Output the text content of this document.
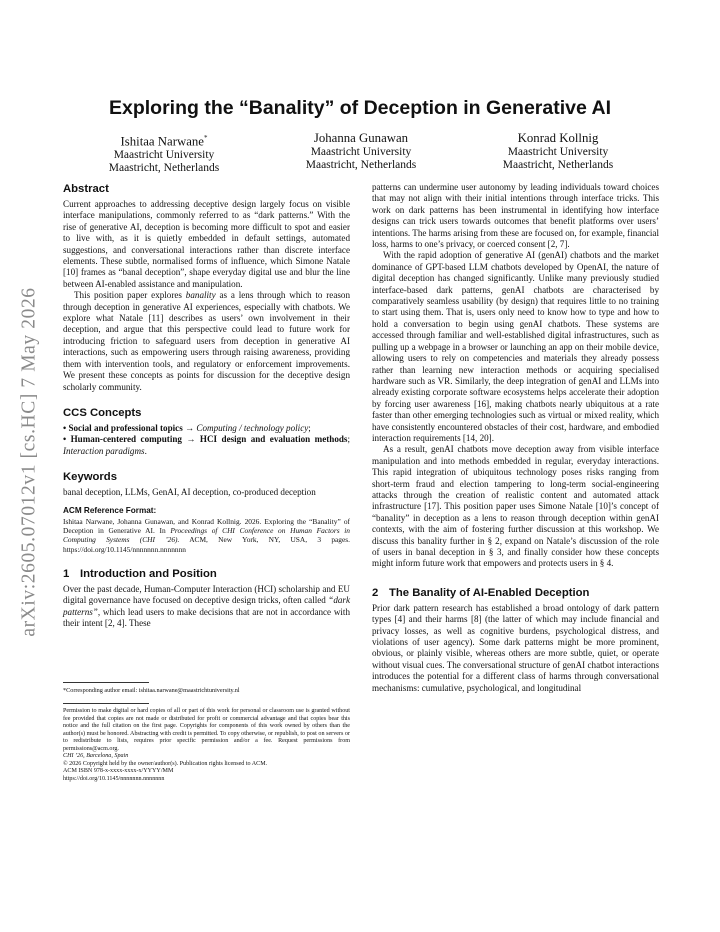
arXiv:2605.07012v1 [cs.HC] 7 May 2026
Exploring the “Banality” of Deception in Generative AI
Ishitaa Narwane*
Maastricht University
Maastricht, Netherlands
Johanna Gunawan
Maastricht University
Maastricht, Netherlands
Konrad Kollnig
Maastricht University
Maastricht, Netherlands
Abstract

Current approaches to addressing deceptive design largely focus on visible interface manipulations, commonly referred to as “dark patterns.” With the rise of generative AI, deception is becoming more difficult to spot and easier to live with, as it is quietly embedded in default settings, automated suggestions, and conversational interactions rather than discrete interface elements. These subtle, normalised forms of influence, which Simone Natale [10] frames as “banal deception”, shape everyday digital use and blur the line between AI-enabled assistance and manipulation.

This position paper explores banality as a lens through which to reason through deception in generative AI experiences, especially with chatbots. We explore what Natale [11] describes as users’ own involvement in their deception, and argue that this perspective could lead to future work for introducing friction to safeguard users from deception in generative AI interactions, such as empowering users through raising awareness, providing them with intervention tools, and regulatory or enforcement improvements. We present these concepts as points for discussion for the deceptive design scholarly community.

CCS Concepts

• Social and professional topics → Computing / technology policy;

• Human-centered computing → HCI design and evaluation methods; Interaction paradigms.

Keywords

banal deception, LLMs, GenAI, AI deception, co-produced deception

ACM Reference Format:

Ishitaa Narwane, Johanna Gunawan, and Konrad Kollnig. 2026. Exploring the “Banality” of Deception in Generative AI. In Proceedings of CHI Conference on Human Factors in Computing Systems (CHI ’26). ACM, New York, NY, USA, 3 pages. https://doi.org/10.1145/nnnnnnn.nnnnnnn

1 Introduction and Position

Over the past decade, Human-Computer Interaction (HCI) scholarship and EU digital governance have focused on deceptive design tricks, often called “dark patterns”, which lead users to make decisions that are not in accordance with their intent [2, 4]. These

*Corresponding author email: ishitaa.narwane@maastrichtuniversity.nl

Permission to make digital or hard copies of all or part of this work for personal or classroom use is granted without fee provided that copies are not made or distributed for profit or commercial advantage and that copies bear this notice and the full citation on the first page. Copyrights for components of this work owned by others than the author(s) must be honored. Abstracting with credit is permitted. To copy otherwise, or republish, to post on servers or to redistribute to lists, requires prior specific permission and/or a fee. Request permissions from permissions@acm.org.

CHI ’26, Barcelona, Spain

© 2026 Copyright held by the owner/author(s). Publication rights licensed to ACM.

ACM ISBN 978-x-xxxx-xxxx-x/YYYY/MM

https://doi.org/10.1145/nnnnnnn.nnnnnnn

patterns can undermine user autonomy by leading individuals toward choices that may not align with their initial intentions through interface tricks. This work on dark patterns has been instrumental in identifying how interface designs can trick users towards outcomes that benefit platforms over users’ intentions. The harms arising from these are focused on, for example, financial loss, harms to one’s privacy, or coerced consent [2, 7].

With the rapid adoption of generative AI (genAI) chatbots and the market dominance of GPT-based LLM chatbots developed by OpenAI, the nature of digital deception has changed significantly. Unlike many previously studied interface-based dark patterns, genAI chatbots are characterised by comparatively seamless usability (by design) that requires little to no training to start using them. That is, users only need to know how to type and how to hold a conversation to begin using genAI chatbots. These systems are accessed through familiar and well-established digital infrastructures, such as pulling up a webpage in a browser or launching an app on their mobile device, allowing users to rely on competencies and materials they already possess rather than learning new interaction methods or acquiring specialised hardware such as VR. Similarly, the deep integration of genAI and LLMs into already existing corporate software ecosystems helps accelerate their adoption by forcing user awareness [16], making chatbots nearly ubiquitous at a rate faster than other emerging technologies such as virtual or mixed reality, which have consistently encountered obstacles of their cost, hardware, and embodied interaction requirements [14, 20].

As a result, genAI chatbots move deception away from visible interface manipulation and into methods embedded in regular, everyday interactions. This rapid integration of ubiquitous technology poses risks ranging from short-term fraud and election tampering to long-term social-engineering attacks through the creation of realistic content and automated attack infrastructure [17]. This position paper uses Simone Natale [10]’s concept of “banality” in deception as a lens to reason through deception within genAI contexts, with the aim of fostering further discussion at this workshop. We discuss this banality further in § 2, expand on Natale’s discussion of the role of users in banal deception in § 3, and finally consider how these concepts might inform future work that empowers and protects users in § 4.

2 The Banality of AI-Enabled Deception

Prior dark pattern research has established a broad ontology of dark pattern types [4] and their harms [8] (the latter of which may include financial and privacy losses, as well as cognitive burdens, psychological distress, and violations of user agency). Some dark patterns might be more prominent, obvious, or plainly visible, whereas others are more subtle, quiet, or operate without visual cues. The conversational structure of genAI chatbot interactions introduces the potential for a different class of harms through conversational mechanisms: cumulative, psychological, and longitudinal
